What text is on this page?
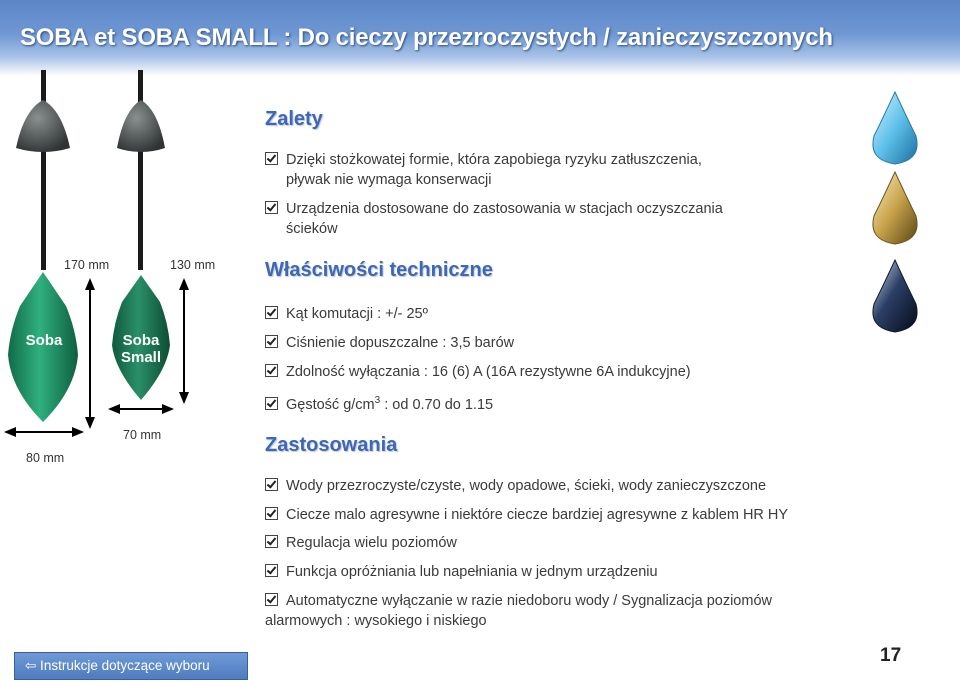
SOBA et SOBA SMALL : Do cieczy przezroczystych / zanieczyszczonych
Soba	Soba
Small
170 mm	130 mm
70 mm
80 mm
Zalety
Dzięki stożkowatej formie, która zapobiega ryzyku zatłuszczenia,
pływak nie wymaga konserwacji
Urządzenia dostosowane do zastosowania w stacjach oczyszczania
ścieków
Właściwości techniczne
Kąt komutacji : +/- 25º
Ciśnienie dopuszczalne : 3,5 barów
Zdolność wyłączania : 16 (6) A (16A rezystywne 6A indukcyjne)
Gęstość $g/cm^3$ : od 0.70 do 1.15
Zastosowania
Wody przezroczyste/czyste, wody opadowe, ścieki, wody zanieczyszczone
Ciecze malo agresywne i niektóre ciecze bardziej agresywne z kablem HR HY
Regulacja wielu poziomów
Funkcja opróżniania lub napełniania w jednym urządzeniu
Automatyczne wyłączanie w razie niedoboru wody / Sygnalizacja poziomów
alarmowych : wysokiego i niskiego
⇦ Instrukcje dotyczące wyboru	17
